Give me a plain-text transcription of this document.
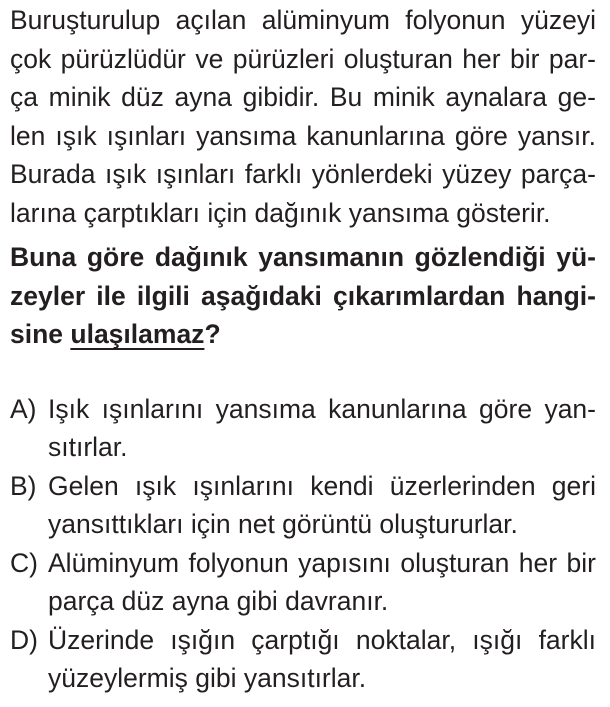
Buruşturulup açılan alüminyum folyonun yüzeyi
çok pürüzlüdür ve pürüzleri oluşturan her bir par-
ça minik düz ayna gibidir. Bu minik aynalara ge-
len ışık ışınları yansıma kanunlarına göre yansır.
Burada ışık ışınları farklı yönlerdeki yüzey parça-
larına çarptıkları için dağınık yansıma gösterir.
Buna göre dağınık yansımanın gözlendiği yü-
zeyler ile ilgili aşağıdaki çıkarımlardan hangi-
sine ulaşılamaz?
A) Işık ışınlarını yansıma kanunlarına göre yan-
sıtırlar.
B) Gelen ışık ışınlarını kendi üzerlerinden geri
yansıttıkları için net görüntü oluştururlar.
C) Alüminyum folyonun yapısını oluşturan her bir
parça düz ayna gibi davranır.
D) Üzerinde ışığın çarptığı noktalar, ışığı farklı
yüzeylermiş gibi yansıtırlar.
